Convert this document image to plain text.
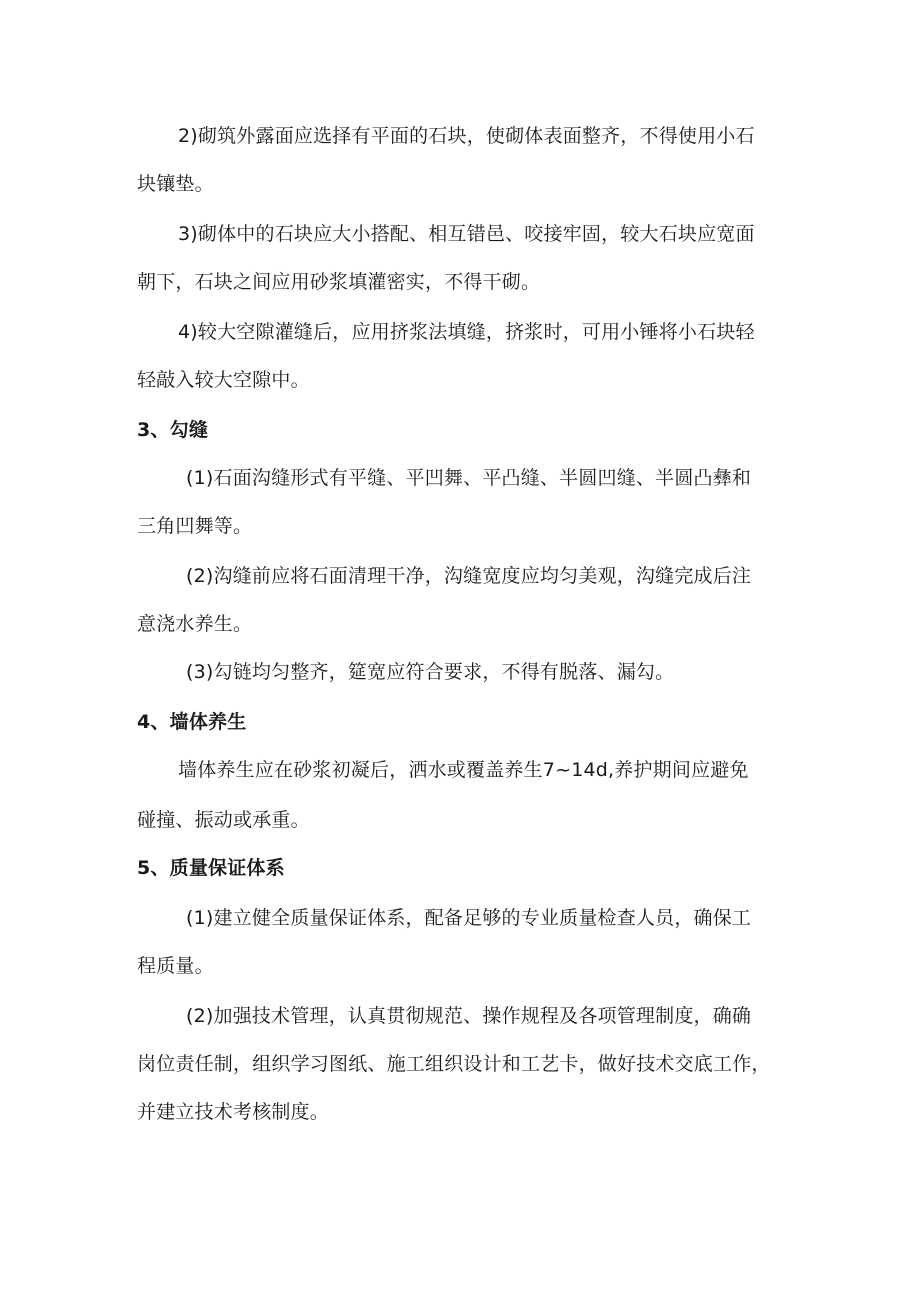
2)砌筑外露面应选择有平面的石块，使砌体表面整齐，不得使用小石
块镶垫。
3)砌体中的石块应大小搭配、相互错邑、咬接牢固，较大石块应宽面
朝下，石块之间应用砂浆填灌密实，不得干砌。
4)较大空隙灌缝后，应用挤浆法填缝，挤浆时，可用小锤将小石块轻
轻敲入较大空隙中。
3、勾缝
(1)石面沟缝形式有平缝、平凹舞、平凸缝、半圆凹缝、半圆凸彝和
三角凹舞等。
(2)沟缝前应将石面清理干净，沟缝宽度应均匀美观，沟缝完成后注
意浇水养生。
(3)勾链均匀整齐，筵宽应符合要求，不得有脱落、漏勾。
4、墙体养生
墙体养生应在砂浆初凝后，洒水或覆盖养生7~14d,养护期间应避免
碰撞、振动或承重。
5、质量保证体系
(1)建立健全质量保证体系，配备足够的专业质量检查人员，确保工
程质量。
(2)加强技术管理，认真贯彻规范、操作规程及各项管理制度，确确
岗位责任制，组织学习图纸、施工组织设计和工艺卡，做好技术交底工作，
并建立技术考核制度。
